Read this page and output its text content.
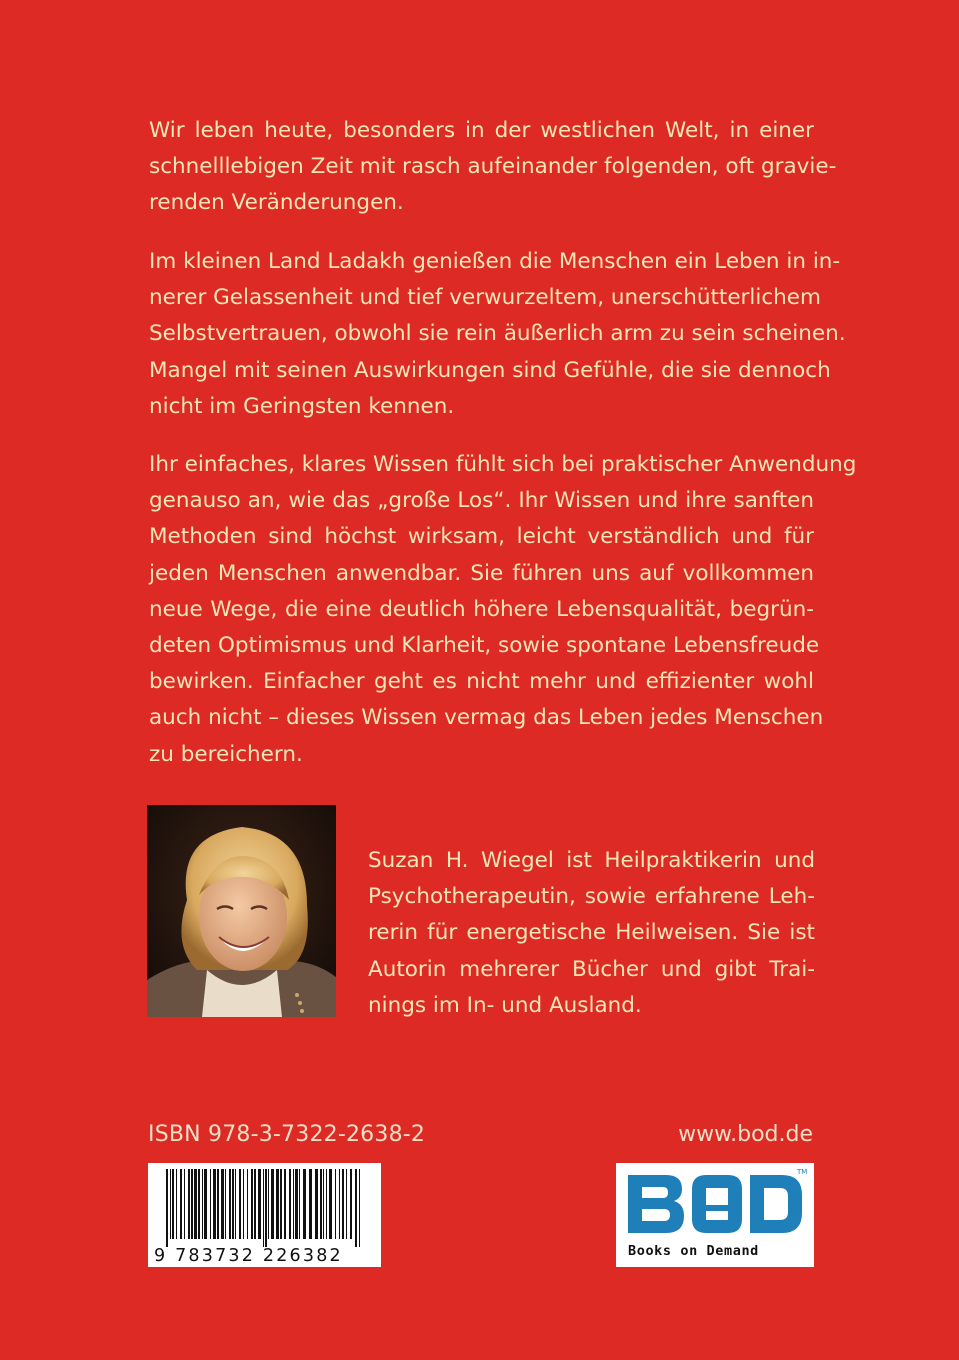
Wir leben heute, besonders in der westlichen Welt, in einer
schnelllebigen Zeit mit rasch aufeinander folgenden, oft gravie-
renden Veränderungen.
Im kleinen Land Ladakh genießen die Menschen ein Leben in in-
nerer Gelassenheit und tief verwurzeltem, unerschütterlichem
Selbstvertrauen, obwohl sie rein äußerlich arm zu sein scheinen.
Mangel mit seinen Auswirkungen sind Gefühle, die sie dennoch
nicht im Geringsten kennen.
Ihr einfaches, klares Wissen fühlt sich bei praktischer Anwendung
genauso an, wie das „große Los“. Ihr Wissen und ihre sanften
Methoden sind höchst wirksam, leicht verständlich und für
jeden Menschen anwendbar. Sie führen uns auf vollkommen
neue Wege, die eine deutlich höhere Lebensqualität, begrün-
deten Optimismus und Klarheit, sowie spontane Lebensfreude
bewirken. Einfacher geht es nicht mehr und effizienter wohl
auch nicht – dieses Wissen vermag das Leben jedes Menschen
zu bereichern.
Suzan H. Wiegel ist Heilpraktikerin und
Psychotherapeutin, sowie erfahrene Leh-
rerin für energetische Heilweisen. Sie ist
Autorin mehrerer Bücher und gibt Trai-
nings im In- und Ausland.
ISBN 978-3-7322-2638-2	www.bod.de
9 783732 226382
TM
Books on Demand
